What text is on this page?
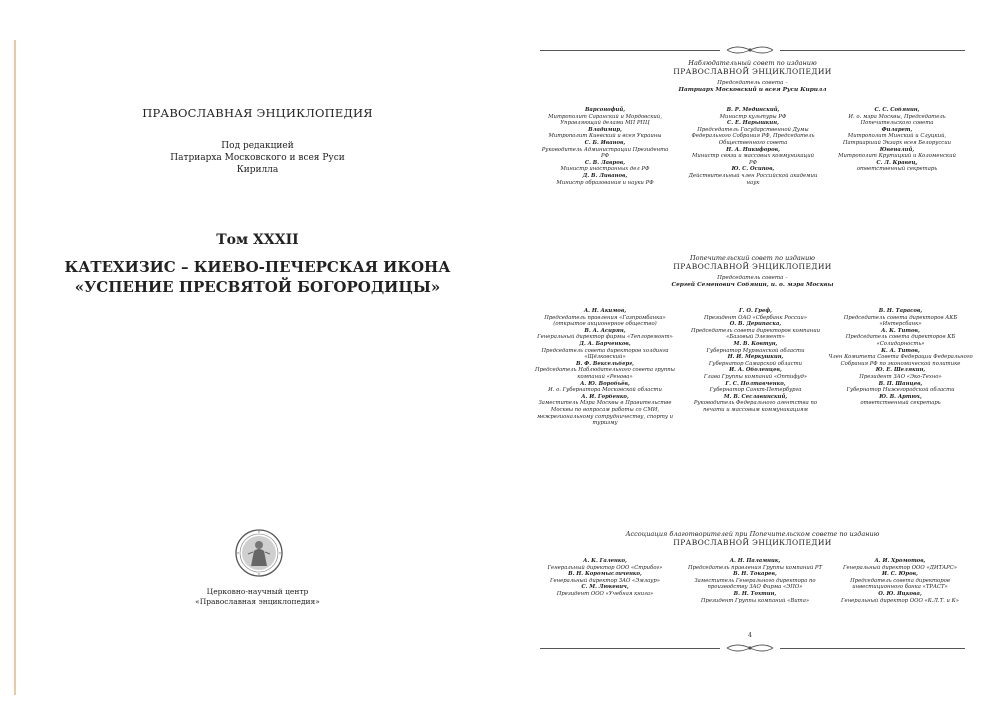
ПРАВОСЛАВНАЯ ЭНЦИКЛОПЕДИЯ
Под редакцией
Патриарха Московского и всея Руси
Кирилла
Том XXXII
КАТЕХИЗИС – КИЕВО-ПЕЧЕРСКАЯ ИКОНА
«УСПЕНИЕ ПРЕСВЯТОЙ БОГОРОДИЦЫ»
Церковно-научный центр
«Православная энциклопедия»
Наблюдательный совет по изданию
ПРАВОСЛАВНОЙ ЭНЦИКЛОПЕДИИ
Председатель совета –
Патриарх Московский и всея Руси Кирилл
Варсонофий,
Митрополит Саранский и Мордовский, Управляющий делами МП РПЦ
Владимир,
Митрополит Киевский и всея Украины
С. Б. Иванов,
Руководитель Администрации Президента РФ
С. В. Лавров,
Министр иностранных дел РФ
Д. В. Ливанов,
Министр образования и науки РФ
В. Р. Мединский,
Министр культуры РФ
С. Е. Нарышкин,
Председатель Государственной Думы Федерального Собрания РФ, Председатель Общественного совета
Н. А. Никифоров,
Министр связи и массовых коммуникаций РФ
Ю. С. Осипов,
Действительный член Российской академии наук
С. С. Собянин,
И. о. мэра Москвы, Председатель Попечительского совета
Филарет,
Митрополит Минский и Слуцкий, Патриарший Экзарх всея Белоруссии
Ювеналий,
Митрополит Крутицкий и Коломенский
С. Л. Кравец,
ответственный секретарь
Попечительский совет по изданию
ПРАВОСЛАВНОЙ ЭНЦИКЛОПЕДИИ
Председатель совета –
Сергей Семенович Собянин, и. о. мэра Москвы
А. Н. Акимов,
Председатель правления «Газпромбанка» (открытое акционерное общество)
В. А. Асирян,
Генеральный директор фирмы «Теплоремонт»
Д. А. Барченков,
Председатель совета директоров холдинга «Щёлковский»
В. Ф. Вексельберг,
Председатель Наблюдательного совета группы компаний «Ренова»
А. Ю. Воробьёв,
И. о. Губернатора Московской области
А. И. Горбенко,
Заместитель Мэра Москвы в Правительстве Москвы по вопросам работы со СМИ, межрегиональному сотрудничеству, спорту и туризму
Г. О. Греф,
Президент ОАО «Сбербанк России»
О. В. Дерипаска,
Председатель совета директоров компании «Базовый Элемент»
М. В. Ковтун,
Губернатор Мурманской области
Н. И. Меркушкин,
Губернатор Самарской области
И. А. Оболенцев,
Глава Группы компаний «Оптифуд»
Г. С. Полтавченко,
Губернатор Санкт-Петербурга
М. В. Сеславинский,
Руководитель Федерального агентства по печати и массовым коммуникациям
В. Н. Тарасов,
Председатель совета директоров АКБ «Интерсбанк»
А. К. Титов,
Председатель совета директоров КБ «Солидарность»
К. А. Титов,
Член Комитета Совета Федерации Федерального Собрания РФ по экономической политике
Ю. Е. Шелякин,
Президент ЗАО «Эко-Техно»
В. П. Шанцев,
Губернатор Нижегородской области
Ю. В. Артюх,
ответственный секретарь
Ассоциация благотворителей при Попечительском совете по изданию
ПРАВОСЛАВНОЙ ЭНЦИКЛОПЕДИИ
А. К. Галенко,
Генеральный директор ООО «Стрибог»
В. Н. Коромысличенко,
Генеральный директор ЗАО «Эмлаур»
С. М. Люкевич,
Президент ООО «Учебная книга»
А. Н. Паламник,
Председатель правления Группы компаний РТ
В. Н. Токарев,
Заместитель Генерального директора по производству ЗАО Фирма «ЭПО»
В. Н. Тохтин,
Президент Группы компаний «Вита»
А. И. Хромотов,
Генеральный директор ООО «ДИТАРС»
И. С. Юров,
Председатель совета директоров инвестиционного банка «ТРАСТ»
О. Ю. Яцкова,
Генеральный директор ООО «К.Л.Т. и К»
4
